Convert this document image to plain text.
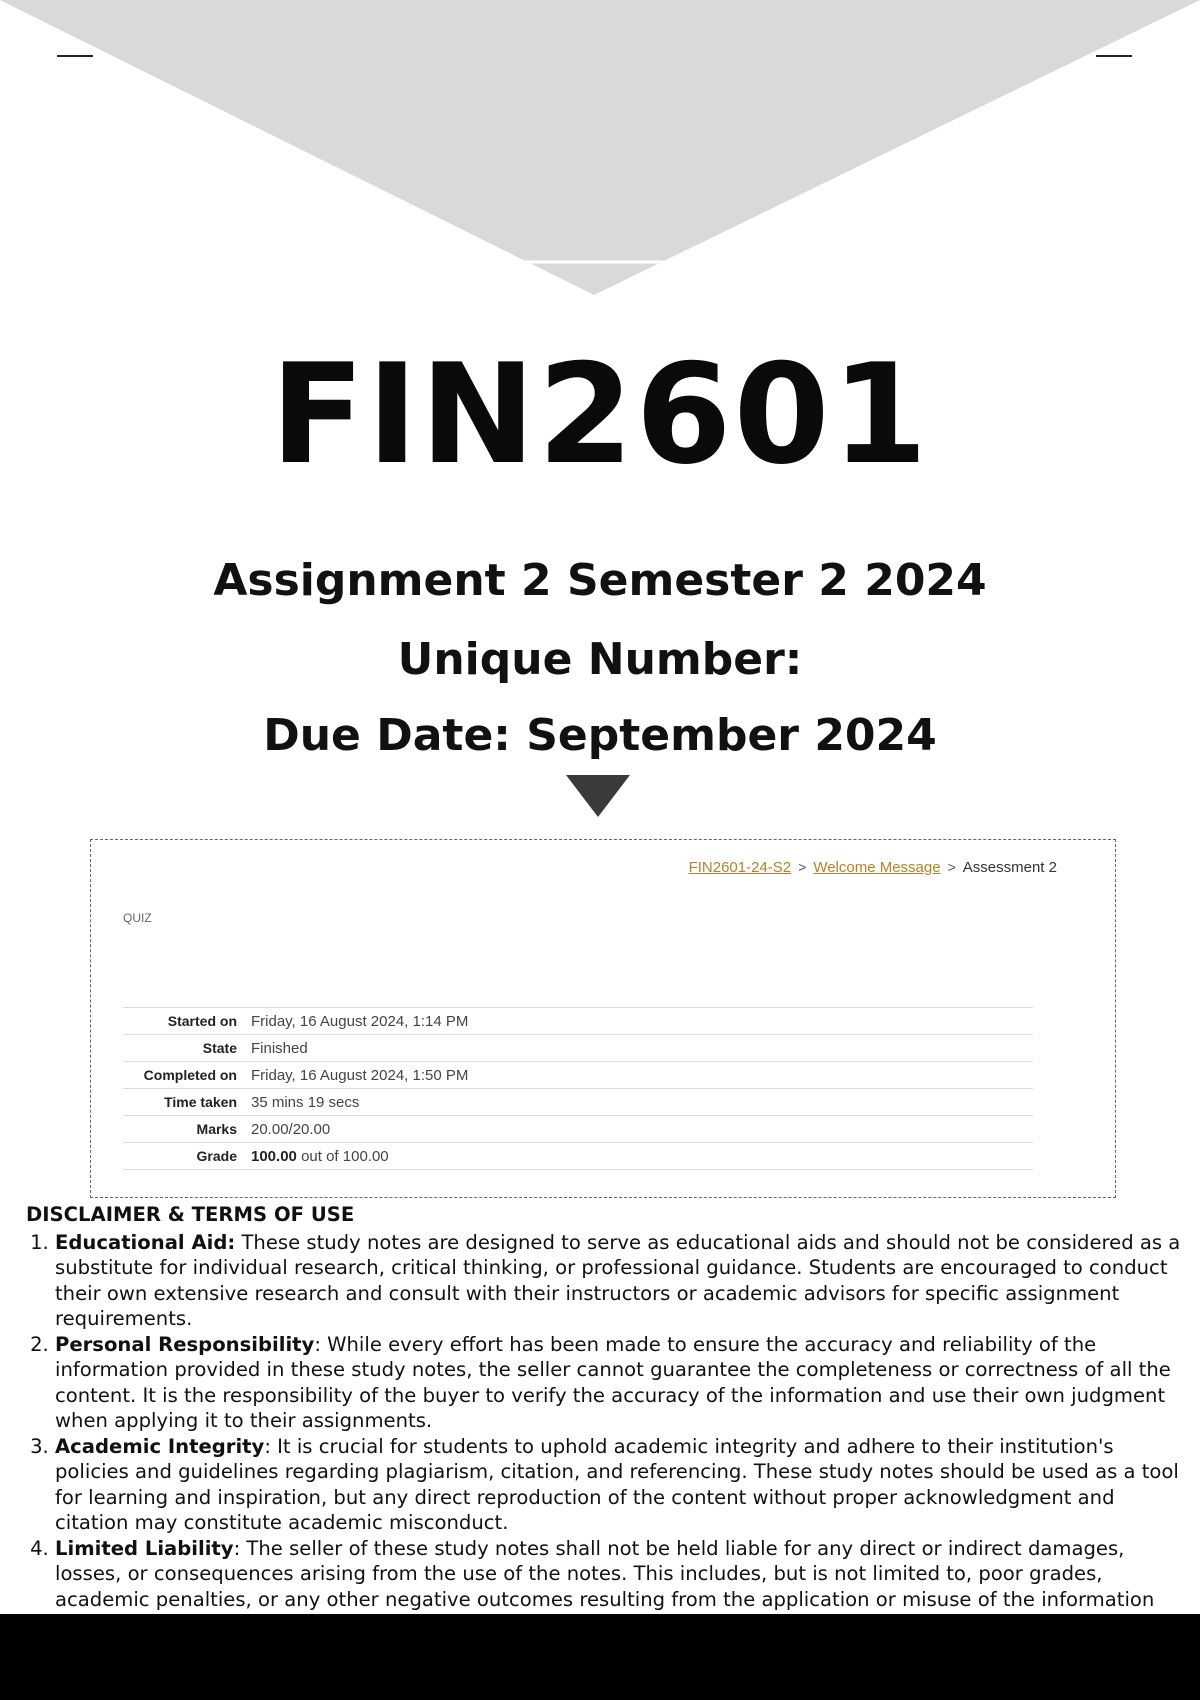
FIN2601
Assignment 2 Semester 2 2024
Unique Number:
Due Date: September 2024
FIN2601-24-S2 > Welcome Message > Assessment 2
QUIZ
Started on	Friday, 16 August 2024, 1:14 PM
State	Finished
Completed on	Friday, 16 August 2024, 1:50 PM
Time taken	35 mins 19 secs
Marks	20.00/20.00
Grade	100.00 out of 100.00
DISCLAIMER & TERMS OF USE
1. Educational Aid: These study notes are designed to serve as educational aids and should not be considered as a substitute for individual research, critical thinking, or professional guidance. Students are encouraged to conduct their own extensive research and consult with their instructors or academic advisors for specific assignment requirements.
2. Personal Responsibility: While every effort has been made to ensure the accuracy and reliability of the information provided in these study notes, the seller cannot guarantee the completeness or correctness of all the content. It is the responsibility of the buyer to verify the accuracy of the information and use their own judgment when applying it to their assignments.
3. Academic Integrity: It is crucial for students to uphold academic integrity and adhere to their institution's policies and guidelines regarding plagiarism, citation, and referencing. These study notes should be used as a tool for learning and inspiration, but any direct reproduction of the content without proper acknowledgment and citation may constitute academic misconduct.
4. Limited Liability: The seller of these study notes shall not be held liable for any direct or indirect damages, losses, or consequences arising from the use of the notes. This includes, but is not limited to, poor grades, academic penalties, or any other negative outcomes resulting from the application or misuse of the information
